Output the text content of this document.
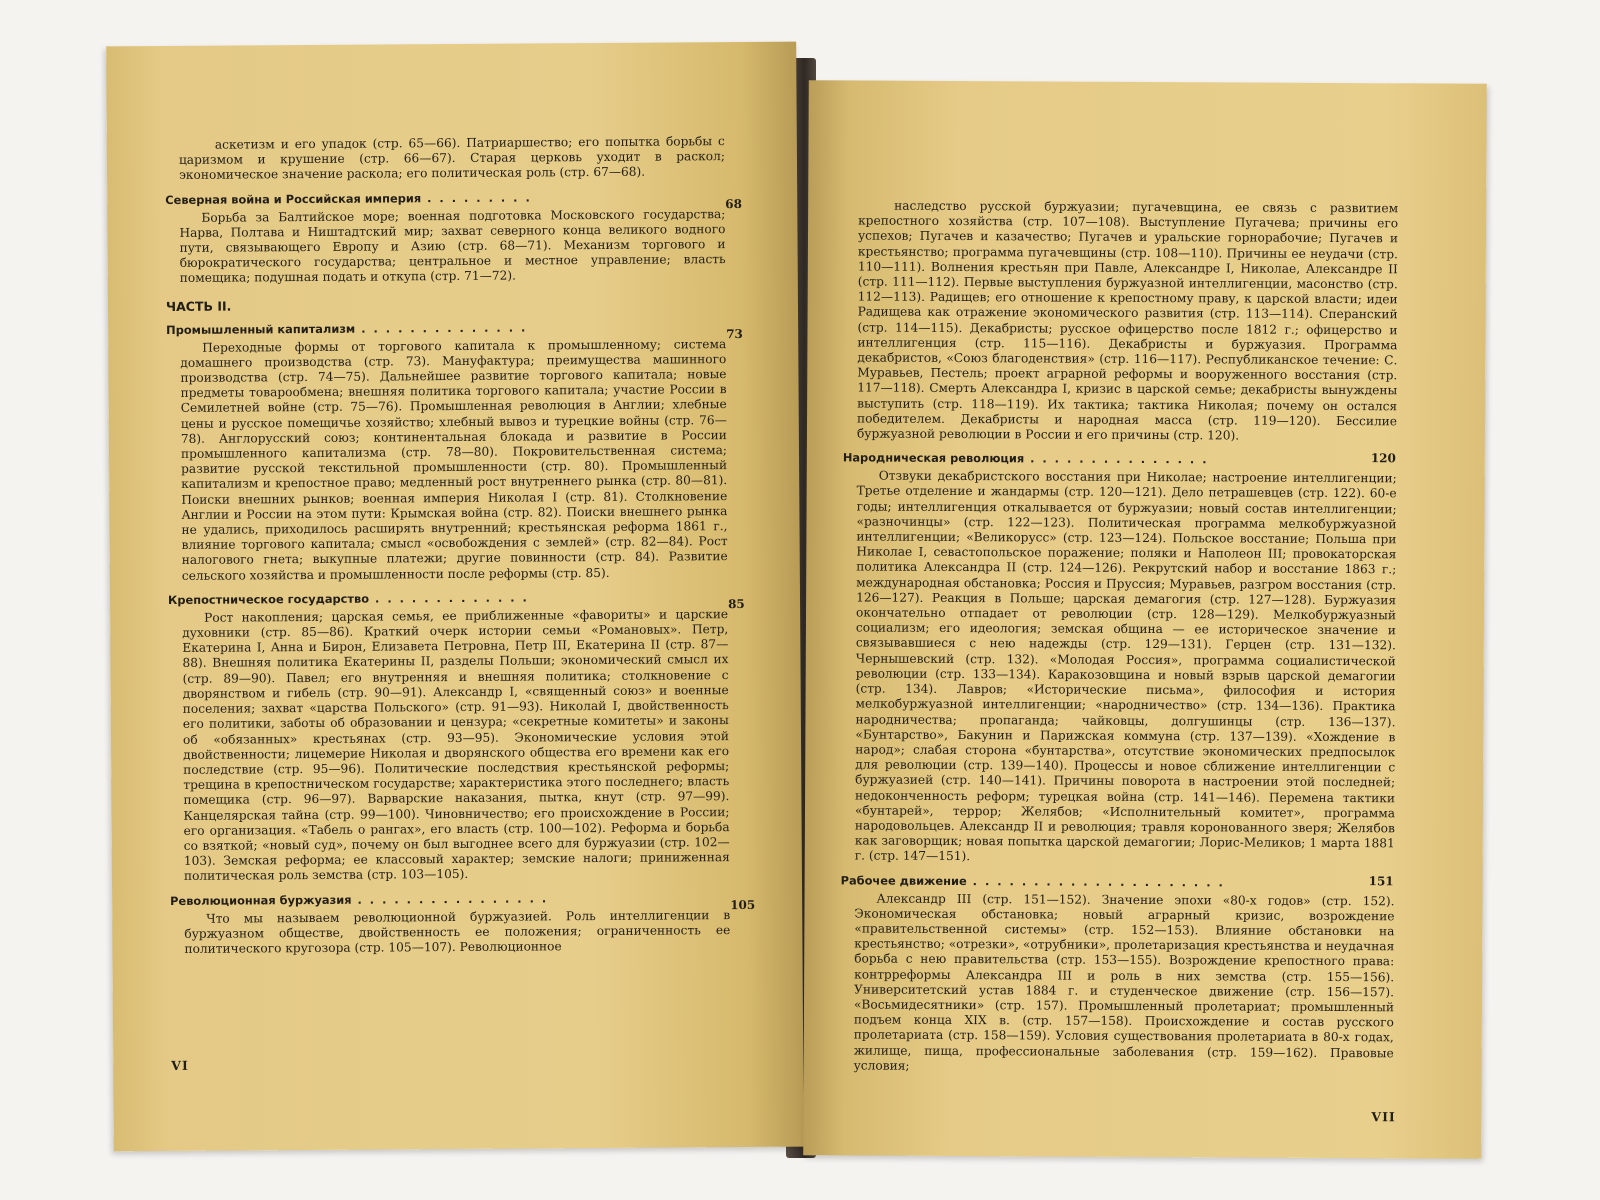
аскетизм и его упадок (стр. 65—66). Патриаршество; его попытка борьбы с царизмом и крушение (стр. 66—67). Старая церковь уходит в раскол; экономическое значение раскола; его политическая роль (стр. 67—68).

Северная война и Российская империя . . . . . . . . .	68

Борьба за Балтийское море; военная подготовка Московского государства; Нарва, Полтава и Ништадтский мир; захват северного конца великого водного пути, связывающего Европу и Азию (стр. 68—71). Механизм торгового и бюрократического государства; центральное и местное управление; власть помещика; подушная подать и откупа (стр. 71—72).

ЧАСТЬ II.
Промышленный капитализм . . . . . . . . . . . . . .	73

Переходные формы от торгового капитала к промышленному; система домашнего производства (стр. 73). Мануфактура; преимущества машинного производства (стр. 74—75). Дальнейшее развитие торгового капитала; новые предметы товарообмена; внешняя политика торгового капитала; участие России в Семилетней войне (стр. 75—76). Промышленная революция в Англии; хлебные цены и русское помещичье хозяйство; хлебный вывоз и турецкие войны (стр. 76—78). Англорусский союз; континентальная блокада и развитие в России промышленного капитализма (стр. 78—80). Покровительственная система; развитие русской текстильной промышленности (стр. 80). Промышленный капитализм и крепостное право; медленный рост внутреннего рынка (стр. 80—81). Поиски внешних рынков; военная империя Николая I (стр. 81). Столкновение Англии и России на этом пути: Крымская война (стр. 82). Поиски внешнего рынка не удались, приходилось расширять внутренний; крестьянская реформа 1861 г., влияние торгового капитала; смысл «освобождения с землей» (стр. 82—84). Рост налогового гнета; выкупные платежи; другие повинности (стр. 84). Развитие сельского хозяйства и промышленности после реформы (стр. 85).

Крепостническое государство . . . . . . . . . . . . .	85

Рост накопления; царская семья, ее приближенные «фавориты» и царские духовники (стр. 85—86). Краткий очерк истории семьи «Романовых». Петр, Екатерина I, Анна и Бирон, Елизавета Петровна, Петр III, Екатерина II (стр. 87—88). Внешняя политика Екатерины II, разделы Польши; экономический смысл их (стр. 89—90). Павел; его внутренняя и внешняя политика; столкновение с дворянством и гибель (стр. 90—91). Александр I, «священный союз» и военные поселения; захват «царства Польского» (стр. 91—93). Николай I, двойственность его политики, заботы об образовании и цензура; «секретные комитеты» и законы об «обязанных» крестьянах (стр. 93—95). Экономические условия этой двойственности; лицемерие Николая и дворянского общества его времени как его последствие (стр. 95—96). Политические последствия крестьянской реформы; трещина в крепостническом государстве; характеристика этого последнего; власть помещика (стр. 96—97). Варварские наказания, пытка, кнут (стр. 97—99). Канцелярская тайна (стр. 99—100). Чиновничество; его происхождение в России; его организация. «Табель о рангах», его власть (стр. 100—102). Реформа и борьба со взяткой; «новый суд», почему он был выгоднее всего для буржуазии (стр. 102—103). Земская реформа; ее классовый характер; земские налоги; приниженная политическая роль земства (стр. 103—105).

Революционная буржуазия . . . . . . . . . . . . . . . .	105

Что мы называем революционной буржуазией. Роль интеллигенции в буржуазном обществе, двойственность ее положения; ограниченность ее политического кругозора (стр. 105—107). Революционное

VI

наследство русской буржуазии; пугачевщина, ее связь с развитием крепостного хозяйства (стр. 107—108). Выступление Пугачева; причины его успехов; Пугачев и казачество; Пугачев и уральские горнорабочие; Пугачев и крестьянство; программа пугачевщины (стр. 108—110). Причины ее неудачи (стр. 110—111). Волнения крестьян при Павле, Александре I, Николае, Александре II (стр. 111—112). Первые выступления буржуазной интеллигенции, масонство (стр. 112—113). Радищев; его отношение к крепостному праву, к царской власти; идеи Радищева как отражение экономического развития (стр. 113—114). Сперанский (стр. 114—115). Декабристы; русское офицерство после 1812 г.; офицерство и интеллигенция (стр. 115—116). Декабристы и буржуазия. Программа декабристов, «Союз благоденствия» (стр. 116—117). Республиканское течение: С. Муравьев, Пестель; проект аграрной реформы и вооруженного восстания (стр. 117—118). Смерть Александра I, кризис в царской семье; декабристы вынуждены выступить (стр. 118—119). Их тактика; тактика Николая; почему он остался победителем. Декабристы и народная масса (стр. 119—120). Бессилие буржуазной революции в России и его причины (стр. 120).

Народническая революция . . . . . . . . . . . . . . .	120

Отзвуки декабристского восстания при Николае; настроение интеллигенции; Третье отделение и жандармы (стр. 120—121). Дело петрашевцев (стр. 122). 60-е годы; интеллигенция откалывается от буржуазии; новый состав интеллигенции; «разночинцы» (стр. 122—123). Политическая программа мелкобуржуазной интеллигенции; «Великорусс» (стр. 123—124). Польское восстание; Польша при Николае I, севастопольское поражение; поляки и Наполеон III; провокаторская политика Александра II (стр. 124—126). Рекрутский набор и восстание 1863 г.; международная обстановка; Россия и Пруссия; Муравьев, разгром восстания (стр. 126—127). Реакция в Польше; царская демагогия (стр. 127—128). Буржуазия окончательно отпадает от революции (стр. 128—129). Мелкобуржуазный социализм; его идеология; земская община — ее историческое значение и связывавшиеся с нею надежды (стр. 129—131). Герцен (стр. 131—132). Чернышевский (стр. 132). «Молодая Россия», программа социалистической революции (стр. 133—134). Каракозовщина и новый взрыв царской демагогии (стр. 134). Лавров; «Исторические письма», философия и история мелкобуржуазной интеллигенции; «народничество» (стр. 134—136). Практика народничества; пропаганда; чайковцы, долгушинцы (стр. 136—137). «Бунтарство», Бакунин и Парижская коммуна (стр. 137—139). «Хождение в народ»; слабая сторона «бунтарства», отсутствие экономических предпосылок для революции (стр. 139—140). Процессы и новое сближение интеллигенции с буржуазией (стр. 140—141). Причины поворота в настроении этой последней; недоконченность реформ; турецкая война (стр. 141—146). Перемена тактики «бунтарей», террор; Желябов; «Исполнительный комитет», программа народовольцев. Александр II и революция; травля коронованного зверя; Желябов как заговорщик; новая попытка царской демагогии; Лорис-Меликов; 1 марта 1881 г. (стр. 147—151).

Рабочее движение . . . . . . . . . . . . . . . . . . . . .	151

Александр III (стр. 151—152). Значение эпохи «80-х годов» (стр. 152). Экономическая обстановка; новый аграрный кризис, возрождение «правительственной системы» (стр. 152—153). Влияние обстановки на крестьянство; «отрезки», «отрубники», пролетаризация крестьянства и неудачная борьба с нею правительства (стр. 153—155). Возрождение крепостного права: контрреформы Александра III и роль в них земства (стр. 155—156). Университетский устав 1884 г. и студенческое движение (стр. 156—157). «Восьмидесятники» (стр. 157). Промышленный пролетариат; промышленный подъем конца XIX в. (стр. 157—158). Происхождение и состав русского пролетариата (стр. 158—159). Условия существования пролетариата в 80-х годах, жилище, пища, профессиональные заболевания (стр. 159—162). Правовые условия;

VII
